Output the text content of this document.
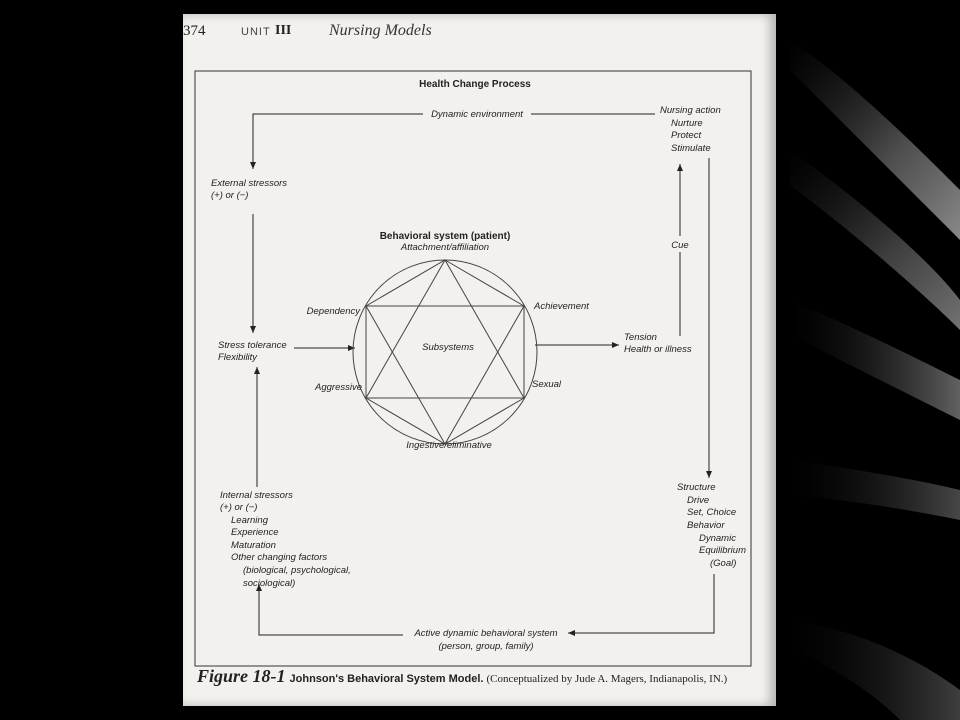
374	UNIT III Nursing Models
Health Change Process
Dynamic environment
External stressors
(+) or (−)
Stress tolerance
Flexibility
Internal stressors
(+) or (−)
Learning
Experience
Maturation
Other changing factors
(biological, psychological,
sociological)
Behavioral system (patient)
Attachment/affiliation
Achievement
Sexual
Ingestive/eliminative
Aggressive
Dependency
Subsystems
Tension
Health or illness
Cue
Nursing action
Nurture
Protect
Stimulate
Structure
Drive
Set, Choice
Behavior
Dynamic
Equilibrium
(Goal)
Active dynamic behavioral system
(person, group, family)
Figure 18-1 Johnson's Behavioral System Model. (Conceptualized by Jude A. Magers, Indianapolis, IN.)
